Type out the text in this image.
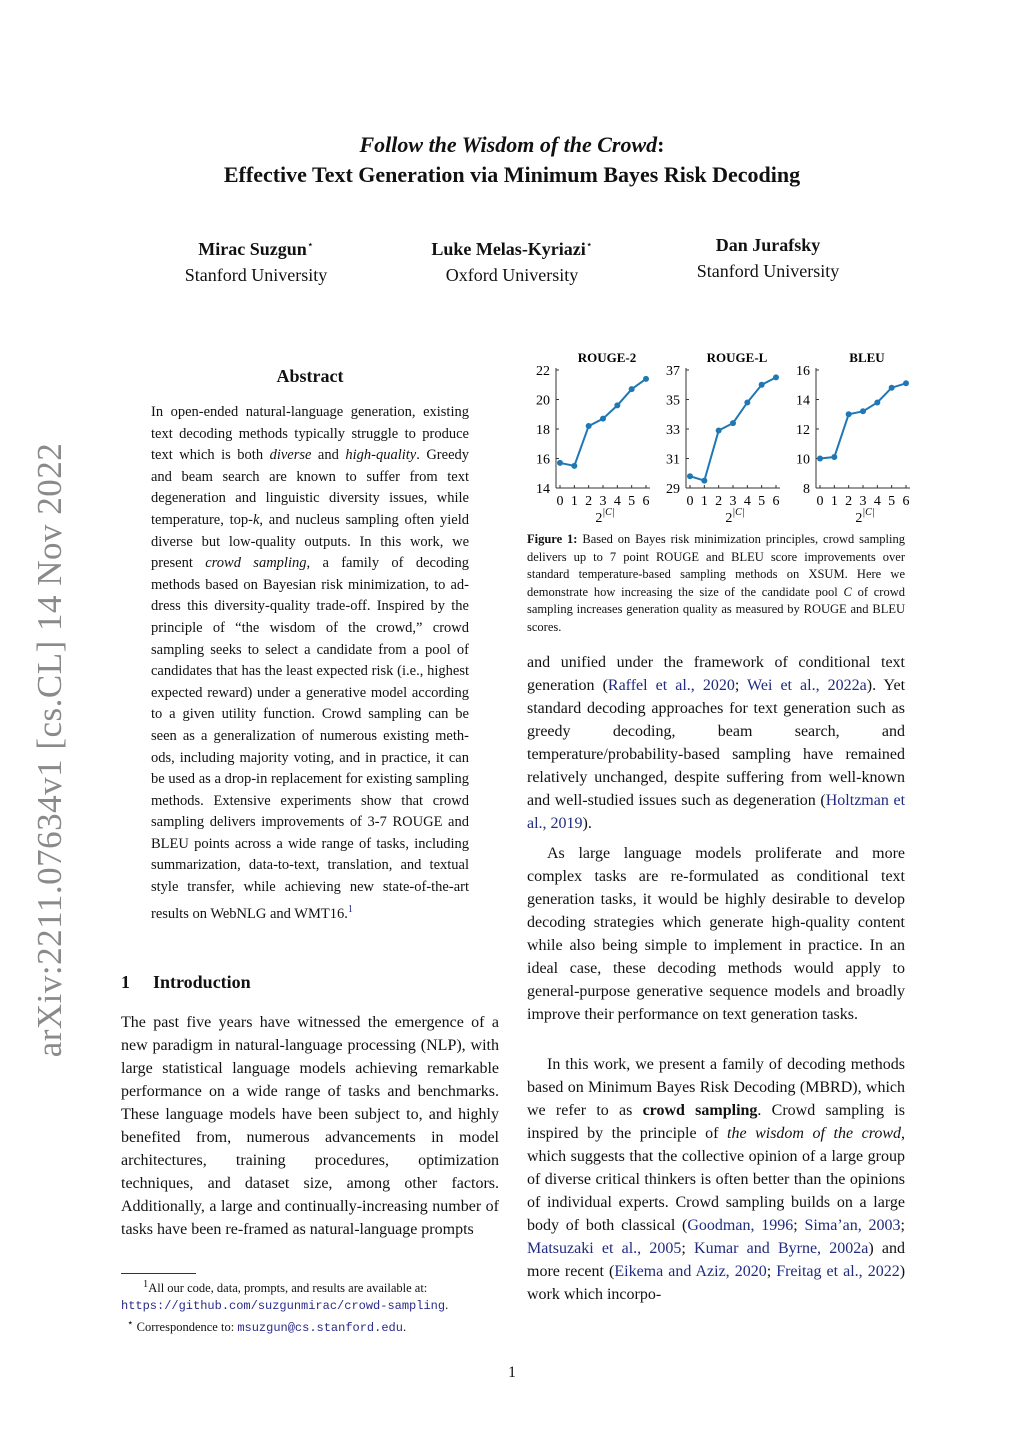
arXiv:2211.07634v1 [cs.CL] 14 Nov 2022
Follow the Wisdom of the Crowd:
Effective Text Generation via Minimum Bayes Risk Decoding
Mirac Suzgun⋆
Stanford University
Luke Melas-Kyriazi⋆
Oxford University
Dan Jurafsky
Stanford University
Abstract
In open-ended natural-language generation, existing text decoding methods typically struggle to produce text which is both diverse and high-quality. Greedy and beam search are known to suffer from text degeneration and linguistic diversity issues, while temperature, top-k, and nucleus sampling often yield diverse but low-quality outputs. In this work, we present crowd sampling, a family of decoding methods based on Bayesian risk minimization, to address this diversity-quality trade-off. Inspired by the principle of “the wisdom of the crowd,” crowd sampling seeks to select a candidate from a pool of candidates that has the least expected risk (i.e., highest expected reward) under a generative model according to a given utility function. Crowd sampling can be seen as a generalization of numerous existing methods, including majority voting, and in practice, it can be used as a drop-in replacement for existing sampling methods. Extensive experiments show that crowd sampling delivers improvements of 3-7 ROUGE and BLEU points across a wide range of tasks, including summarization, data-to-text, translation, and textual style transfer, while achieving new state-of-the-art results on WebNLG and WMT16.$^1$
1 Introduction
The past five years have witnessed the emergence of a new paradigm in natural-language processing (NLP), with large statistical language models achieving remarkable performance on a wide range of tasks and benchmarks. These language models have been subject to, and highly benefited from, numerous advancements in model architectures, training procedures, optimization techniques, and dataset size, among other factors. Additionally, a large and continually-increasing number of tasks have been re-framed as natural-language prompts
$^1$All our code, data, prompts, and results are available at:
https://github.com/suzgunmirac/crowd-sampling.
⋆ Correspondence to: msuzgun@cs.stanford.edu.
ROUGE-2
14
16
18
20
22
0 1 2 3 4 5 6
$2^{|C|}$
ROUGE-L
29
31
33
35
37
0 1 2 3 4 5 6
$2^{|C|}$
BLEU
8
10
12
14
16
0 1 2 3 4 5 6
$2^{|C|}$
Figure 1: Based on Bayes risk minimization principles, crowd sampling delivers up to 7 point ROUGE and BLEU score improvements over standard temperature-based sampling methods on XSUM. Here we demonstrate how increasing the size of the candidate pool C of crowd sampling increases generation quality as measured by ROUGE and BLEU scores.
and unified under the framework of conditional text generation (Raffel et al., 2020; Wei et al., 2022a). Yet standard decoding approaches for text generation such as greedy decoding, beam search, and temperature/probability-based sampling have remained relatively unchanged, despite suffering from well-known and well-studied issues such as degeneration (Holtzman et al., 2019).
As large language models proliferate and more complex tasks are re-formulated as conditional text generation tasks, it would be highly desirable to develop decoding strategies which generate high-quality content while also being simple to implement in practice. In an ideal case, these decoding methods would apply to general-purpose generative sequence models and broadly improve their performance on text generation tasks.
In this work, we present a family of decoding methods based on Minimum Bayes Risk Decoding (MBRD), which we refer to as crowd sampling. Crowd sampling is inspired by the principle of the wisdom of the crowd, which suggests that the collective opinion of a large group of diverse critical thinkers is often better than the opinions of individual experts. Crowd sampling builds on a large body of both classical (Goodman, 1996; Sima’an, 2003; Matsuzaki et al., 2005; Kumar and Byrne, 2002a) and more recent (Eikema and Aziz, 2020; Freitag et al., 2022) work which incorpo-
1
